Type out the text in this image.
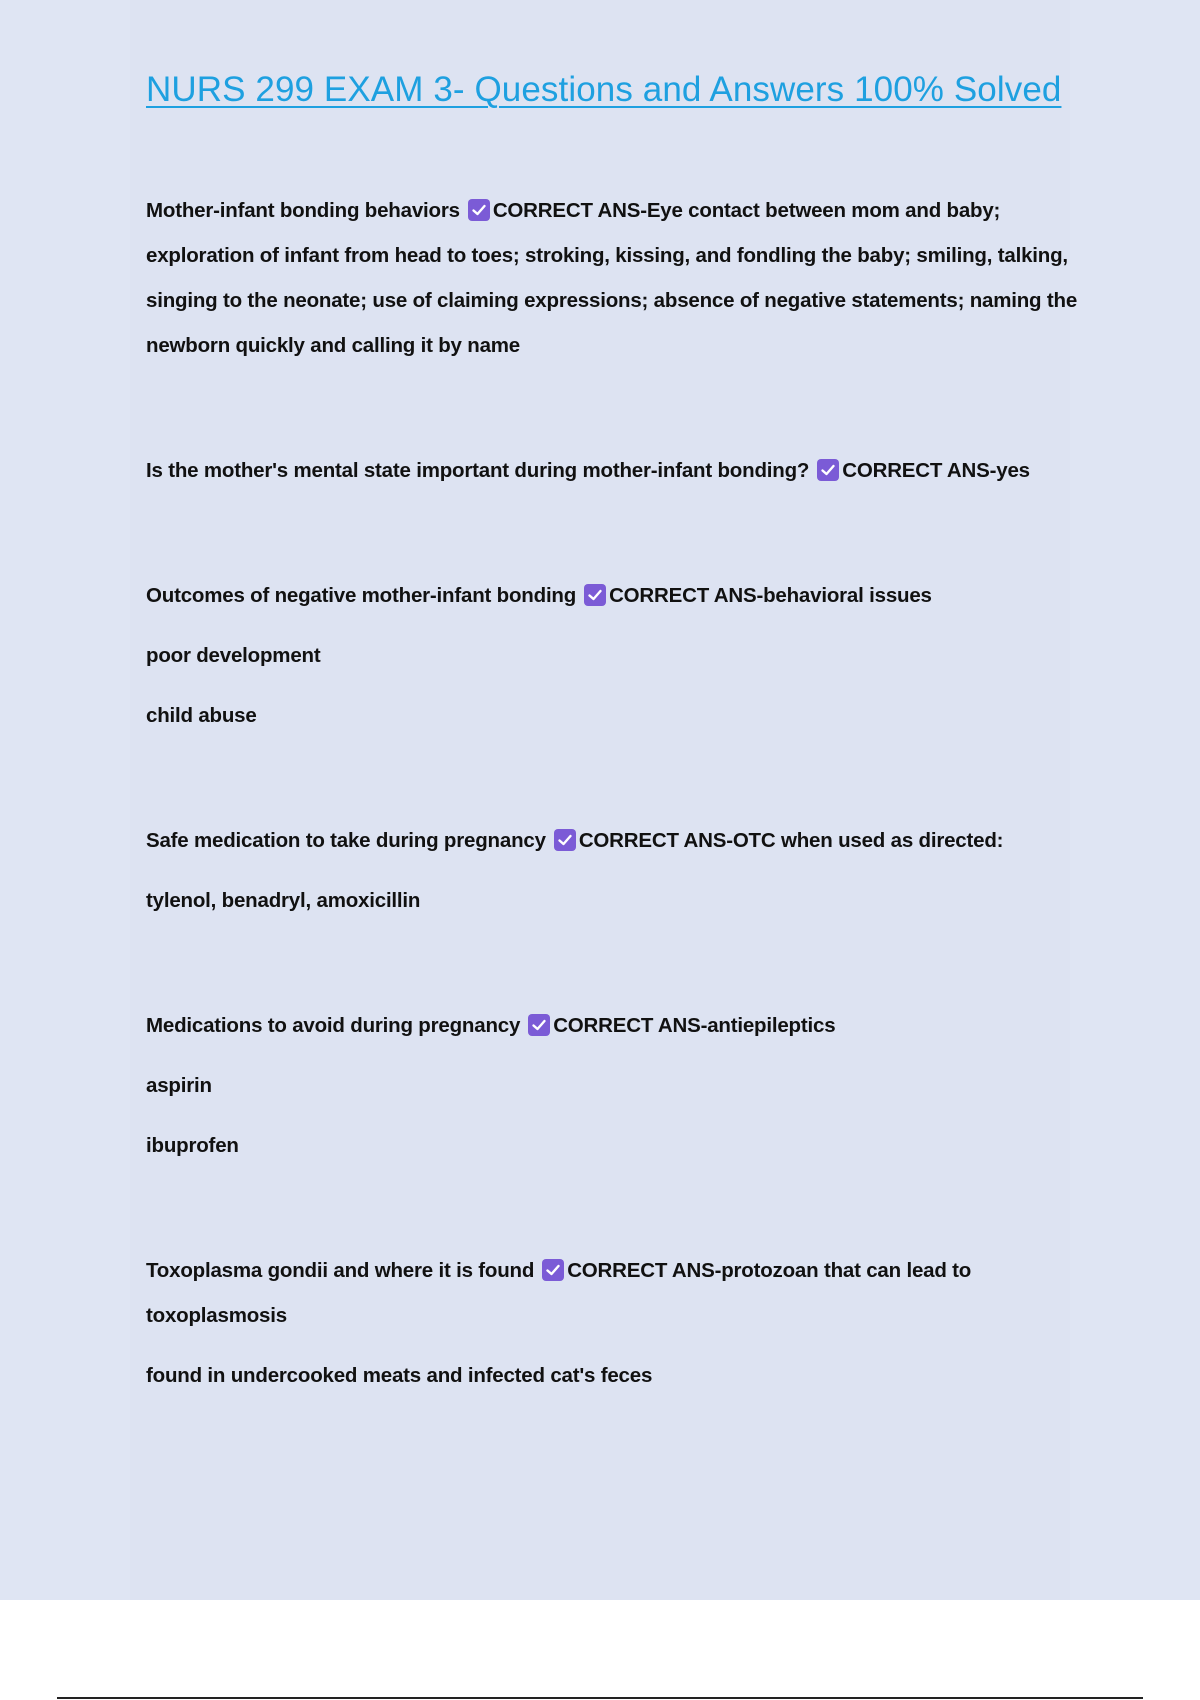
NURS 299 EXAM 3- Questions and Answers 100% Solved
Mother-infant bonding behaviors CORRECT ANS-Eye contact between mom and baby; exploration of infant from head to toes; stroking, kissing, and fondling the baby; smiling, talking, singing to the neonate; use of claiming expressions; absence of negative statements; naming the newborn quickly and calling it by name
Is the mother's mental state important during mother-infant bonding? CORRECT ANS-yes
Outcomes of negative mother-infant bonding CORRECT ANS-behavioral issues
poor development
child abuse
Safe medication to take during pregnancy CORRECT ANS-OTC when used as directed:
tylenol, benadryl, amoxicillin
Medications to avoid during pregnancy CORRECT ANS-antiepileptics
aspirin
ibuprofen
Toxoplasma gondii and where it is found CORRECT ANS-protozoan that can lead to toxoplasmosis
found in undercooked meats and infected cat's feces
